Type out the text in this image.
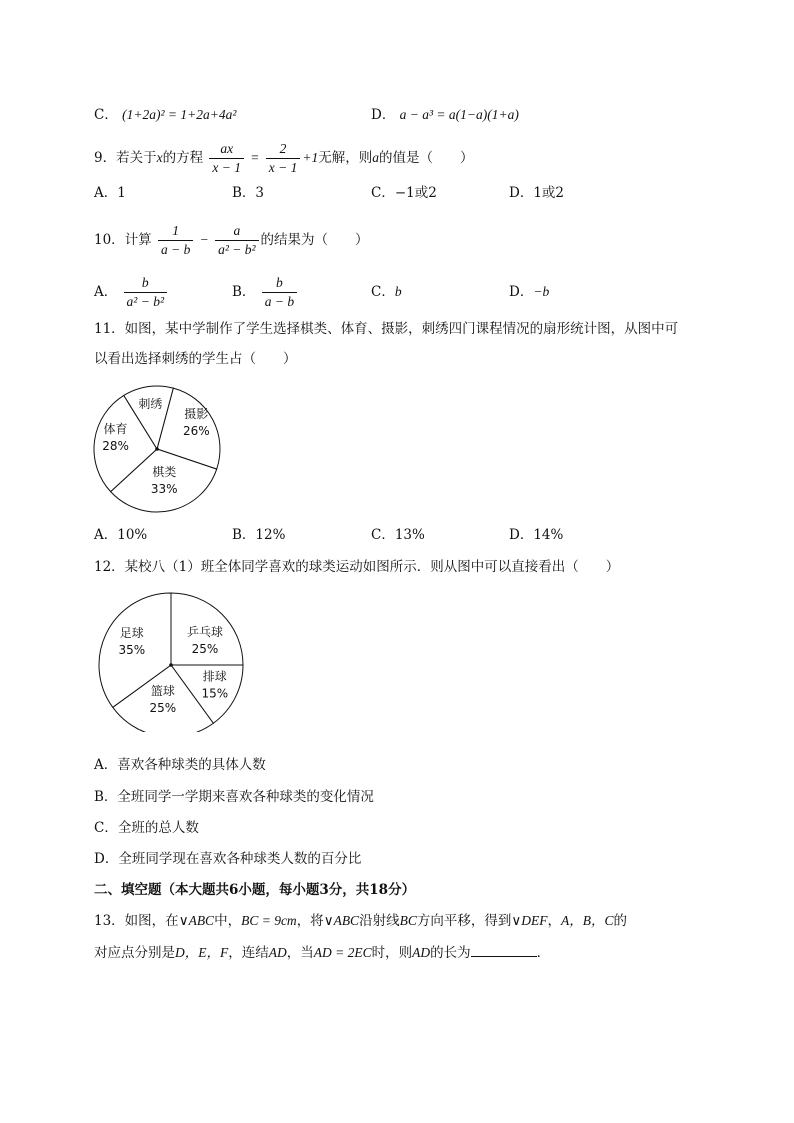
C． (1+2a)² = 1+2a+4a²	D． a − a³ = a(1−a)(1+a)
9．若关于x的方程 $\frac{ax}{x - 1} = \frac{2}{x - 1} +1$无解，则a的值是（　　）
A．1	B．3	C．−1或2	D．1或2
10．计算 $\frac{1}{a - b} - \frac{a}{\text{a² − b²}}$ 的结果为（　　）
A． $\frac{b}{\text{a² − b²}}$	B． $\frac{b}{a - b}$	C．b	D．−b
11．如图，某中学制作了学生选择棋类、体育、摄影，刺绣四门课程情况的扇形统计图，从图中可
以看出选择刺绣的学生占（　　）
摄影
26%
棋类
33%
体育
28%
刺绣
A．10%	B．12%	C．13%	D．14%
12．某校八（1）班全体同学喜欢的球类运动如图所示．则从图中可以直接看出（　　）
乒乓球
25%
排球
15%
篮球
25%
足球
35%
A．喜欢各种球类的具体人数
B．全班同学一学期来喜欢各种球类的变化情况
C．全班的总人数
D．全班同学现在喜欢各种球类人数的百分比
二、填空题（本大题共6小题，每小题3分，共18分）
13．如图，在∨ABC中，BC = 9cm，将∨ABC沿射线BC方向平移，得到∨DEF，A，B，C的
对应点分别是D，E，F，连结AD，当AD = 2EC时，则AD的长为	．
